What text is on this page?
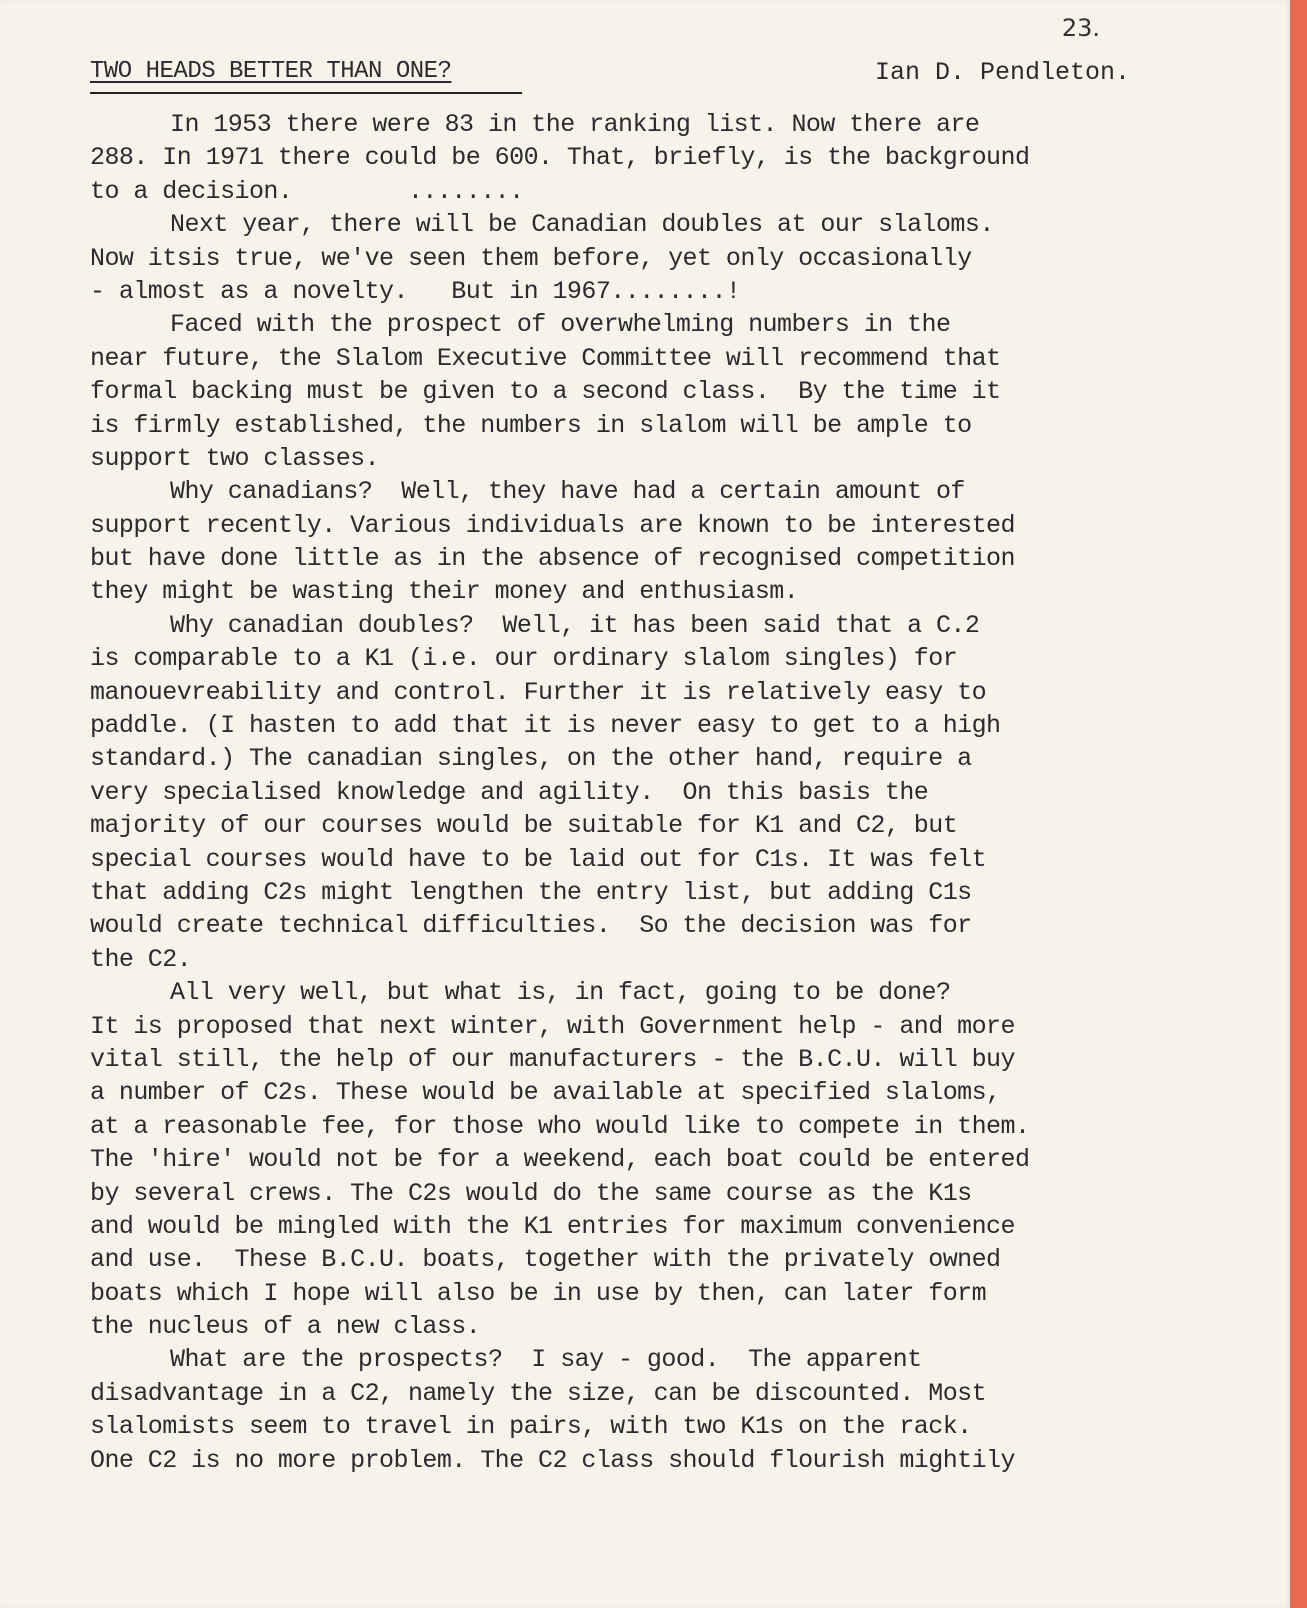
23.
TWO HEADS BETTER THAN ONE?	Ian D. Pendleton.
In 1953 there were 83 in the ranking list. Now there are
288. In 1971 there could be 600. That, briefly, is the background
to a decision.        ........
Next year, there will be Canadian doubles at our slaloms.
Now itsis true, we've seen them before, yet only occasionally
- almost as a novelty.   But in 1967........!
Faced with the prospect of overwhelming numbers in the
near future, the Slalom Executive Committee will recommend that
formal backing must be given to a second class.  By the time it
is firmly established, the numbers in slalom will be ample to
support two classes.
Why canadians?  Well, they have had a certain amount of
support recently. Various individuals are known to be interested
but have done little as in the absence of recognised competition
they might be wasting their money and enthusiasm.
Why canadian doubles?  Well, it has been said that a C.2
is comparable to a K1 (i.e. our ordinary slalom singles) for
manouevreability and control. Further it is relatively easy to
paddle. (I hasten to add that it is never easy to get to a high
standard.) The canadian singles, on the other hand, require a
very specialised knowledge and agility.  On this basis the
majority of our courses would be suitable for K1 and C2, but
special courses would have to be laid out for C1s. It was felt
that adding C2s might lengthen the entry list, but adding C1s
would create technical difficulties.  So the decision was for
the C2.
All very well, but what is, in fact, going to be done?
It is proposed that next winter, with Government help - and more
vital still, the help of our manufacturers - the B.C.U. will buy
a number of C2s. These would be available at specified slaloms,
at a reasonable fee, for those who would like to compete in them.
The 'hire' would not be for a weekend, each boat could be entered
by several crews. The C2s would do the same course as the K1s
and would be mingled with the K1 entries for maximum convenience
and use.  These B.C.U. boats, together with the privately owned
boats which I hope will also be in use by then, can later form
the nucleus of a new class.
What are the prospects?  I say - good.  The apparent
disadvantage in a C2, namely the size, can be discounted. Most
slalomists seem to travel in pairs, with two K1s on the rack.
One C2 is no more problem. The C2 class should flourish mightily
